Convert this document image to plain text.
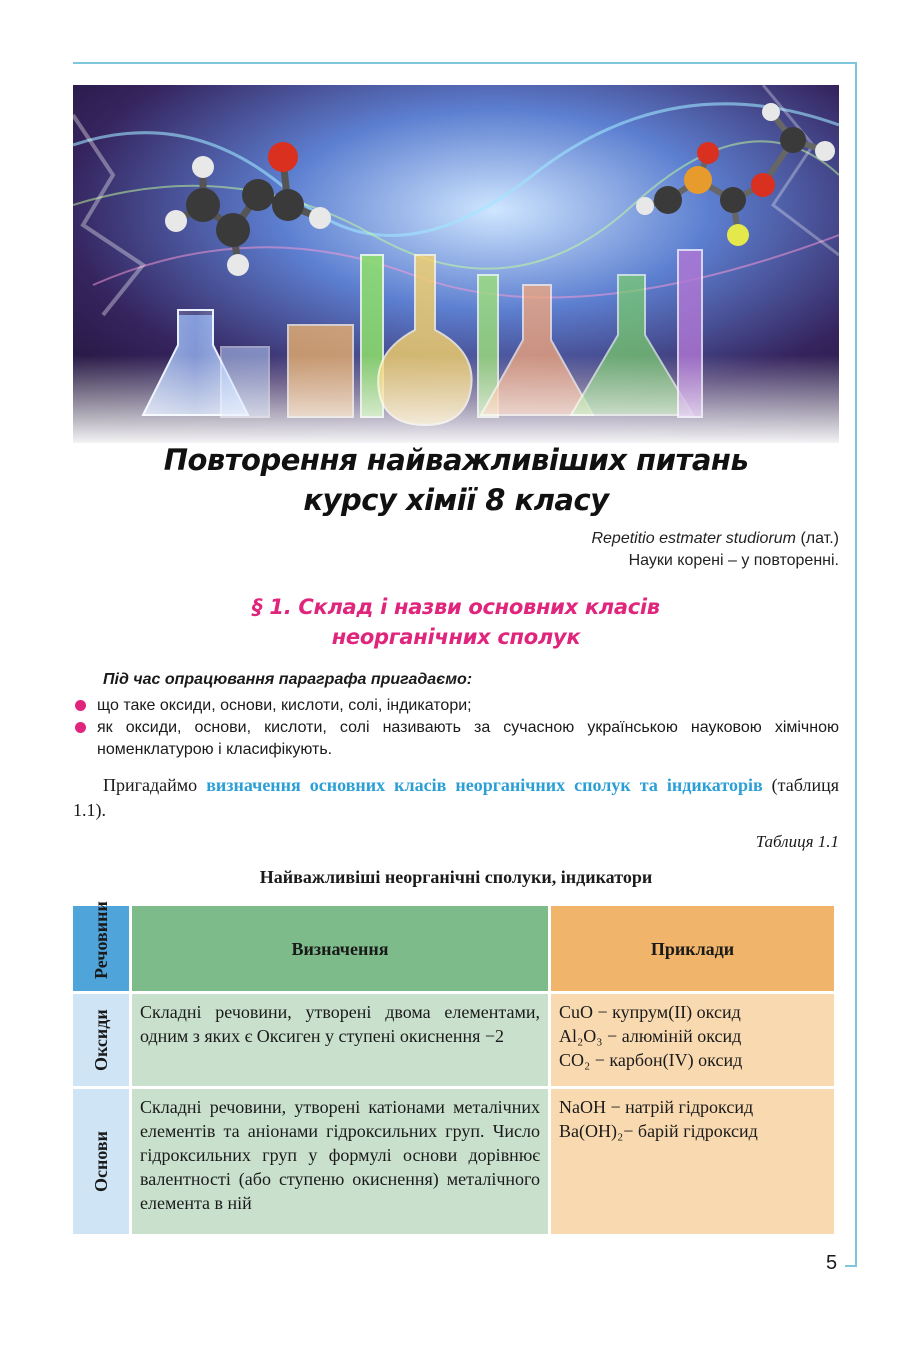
Повторення найважливіших питань
курсу хімії 8 класу
Repetitio estmater studiorum (лат.)
Науки корені – у повторенні.
§ 1. Склад і назви основних класів
неорганічних сполук
Під час опрацювання параграфа пригадаємо:
що таке оксиди, основи, кислоти, солі, індикатори;
як оксиди, основи, кислоти, солі називають за сучасною українською науковою хімічною номенклатурою і класифікують.
Пригадаймо визначення основних класів неорганічних сполук та індикаторів (таблиця 1.1).
Таблиця 1.1
Найважливіші неорганічні сполуки, індикатори
Речовини	Визначення	Приклади

Оксиди	Складні речовини, утворені двома елементами, одним з яких є Оксиген у ступені окиснення −2	CuO − купрум(II) оксид
Al₂O₃ − алюміній оксид
CO₂ − карбон(IV) оксид

Основи	Складні речовини, утворені катіонами металічних елементів та аніонами гідроксильних груп. Число гідроксильних груп у формулі основи дорівнює валентності (або ступеню окиснення) металічного елемента в ній	NaOH − натрій гідроксид
Ba(OH)₂− барій гідроксид
5
